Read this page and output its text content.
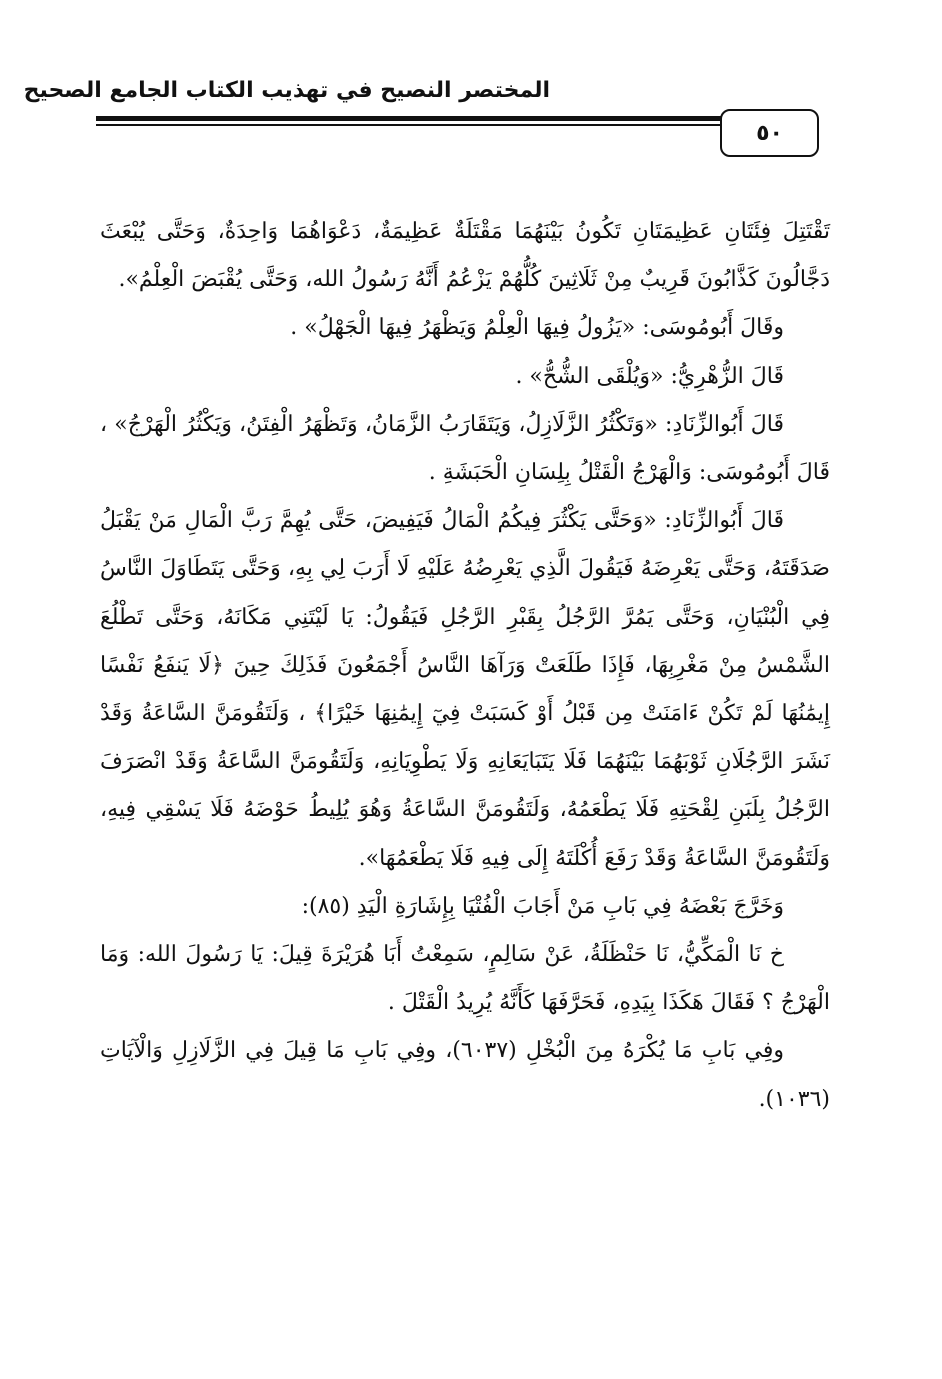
المختصر النصيح في تهذيب الكتاب الجامع الصحيح
٥٠

تَقْتَتِلَ فِئَتَانِ عَظِيمَتَانِ تَكُونُ بَيْنَهُمَا مَقْتَلَةٌ عَظِيمَةٌ، دَعْوَاهُمَا وَاحِدَةٌ، وَحَتَّى يُبْعَثَ دَجَّالُونَ كَذَّابُونَ قَرِيبٌ مِنْ ثَلَاثِينَ كُلُّهُمْ يَزْعُمُ أَنَّهُ رَسُولُ الله، وَحَتَّى يُقْبَضَ الْعِلْمُ».

وقَالَ أَبُومُوسَى: «يَزُولُ فِيهَا الْعِلْمُ وَيَظْهَرُ فِيهَا الْجَهْلُ» .

قَالَ الزُّهْرِيُّ: «وَيُلْقَى الشُّحُّ» .

قَالَ أَبُوالزِّنَادِ: «وَتَكْثُرُ الزَّلَازِلُ، وَيَتَقَارَبُ الزَّمَانُ، وَتَظْهَرُ الْفِتَنُ، وَيَكْثُرُ الْهَرْجُ» ، قَالَ أَبُومُوسَى: وَالْهَرْجُ الْقَتْلُ بِلِسَانِ الْحَبَشَةِ .

قَالَ أَبُوالزِّنَادِ: «وَحَتَّى يَكْثُرَ فِيكُمُ الْمَالُ فَيَفِيضَ، حَتَّى يُهِمَّ رَبَّ الْمَالِ مَنْ يَقْبَلُ صَدَقَتَهُ، وَحَتَّى يَعْرِضَهُ فَيَقُولَ الَّذِي يَعْرِضُهُ عَلَيْهِ لَا أَرَبَ لِي بِهِ، وَحَتَّى يَتَطَاوَلَ النَّاسُ فِي الْبُنْيَانِ، وَحَتَّى يَمُرَّ الرَّجُلُ بِقَبْرِ الرَّجُلِ فَيَقُولُ: يَا لَيْتَنِي مَكَانَهُ، وَحَتَّى تَطْلُعَ الشَّمْسُ مِنْ مَغْرِبِهَا، فَإِذَا طَلَعَتْ وَرَآهَا النَّاسُ أَجْمَعُونَ فَذَلِكَ حِينَ ﴿لَا يَنفَعُ نَفْسًا إِيمَٰنُهَا لَمْ تَكُنْ ءَامَنَتْ مِن قَبْلُ أَوْ كَسَبَتْ فِيٓ إِيمَٰنِهَا خَيْرًا﴾ ، وَلَتَقُومَنَّ السَّاعَةُ وَقَدْ نَشَرَ الرَّجُلَانِ ثَوْبَهُمَا بَيْنَهُمَا فَلَا يَتَبَايَعَانِهِ وَلَا يَطْوِيَانِهِ، وَلَتَقُومَنَّ السَّاعَةُ وَقَدْ انْصَرَفَ الرَّجُلُ بِلَبَنِ لِقْحَتِهِ فَلَا يَطْعَمُهُ، وَلَتَقُومَنَّ السَّاعَةُ وَهُوَ يُلِيطُ حَوْضَهُ فَلَا يَسْقِي فِيهِ، وَلَتَقُومَنَّ السَّاعَةُ وَقَدْ رَفَعَ أُكْلَتَهُ إِلَى فِيهِ فَلَا يَطْعَمُهَا».

وَخَرَّجَ بَعْضَهُ فِي بَابِ مَنْ أَجَابَ الْفُتْيَا بِإِشَارَةِ الْيَدِ (٨٥):

خ نَا الْمَكِّيُّ، نَا حَنْظَلَةُ، عَنْ سَالِمٍ، سَمِعْتُ أَبَا هُرَيْرَةَ قِيلَ: يَا رَسُولَ الله: وَمَا الْهَرْجُ ؟ فَقَالَ هَكَذَا بِيَدِهِ، فَحَرَّفَهَا كَأَنَّهُ يُرِيدُ الْقَتْلَ .

وفِي بَابِ مَا يُكْرَهُ مِنَ الْبُخْلِ (٦٠٣٧)، وفِي بَابِ مَا قِيلَ فِي الزَّلَازِلِ وَالْآيَاتِ (١٠٣٦).
